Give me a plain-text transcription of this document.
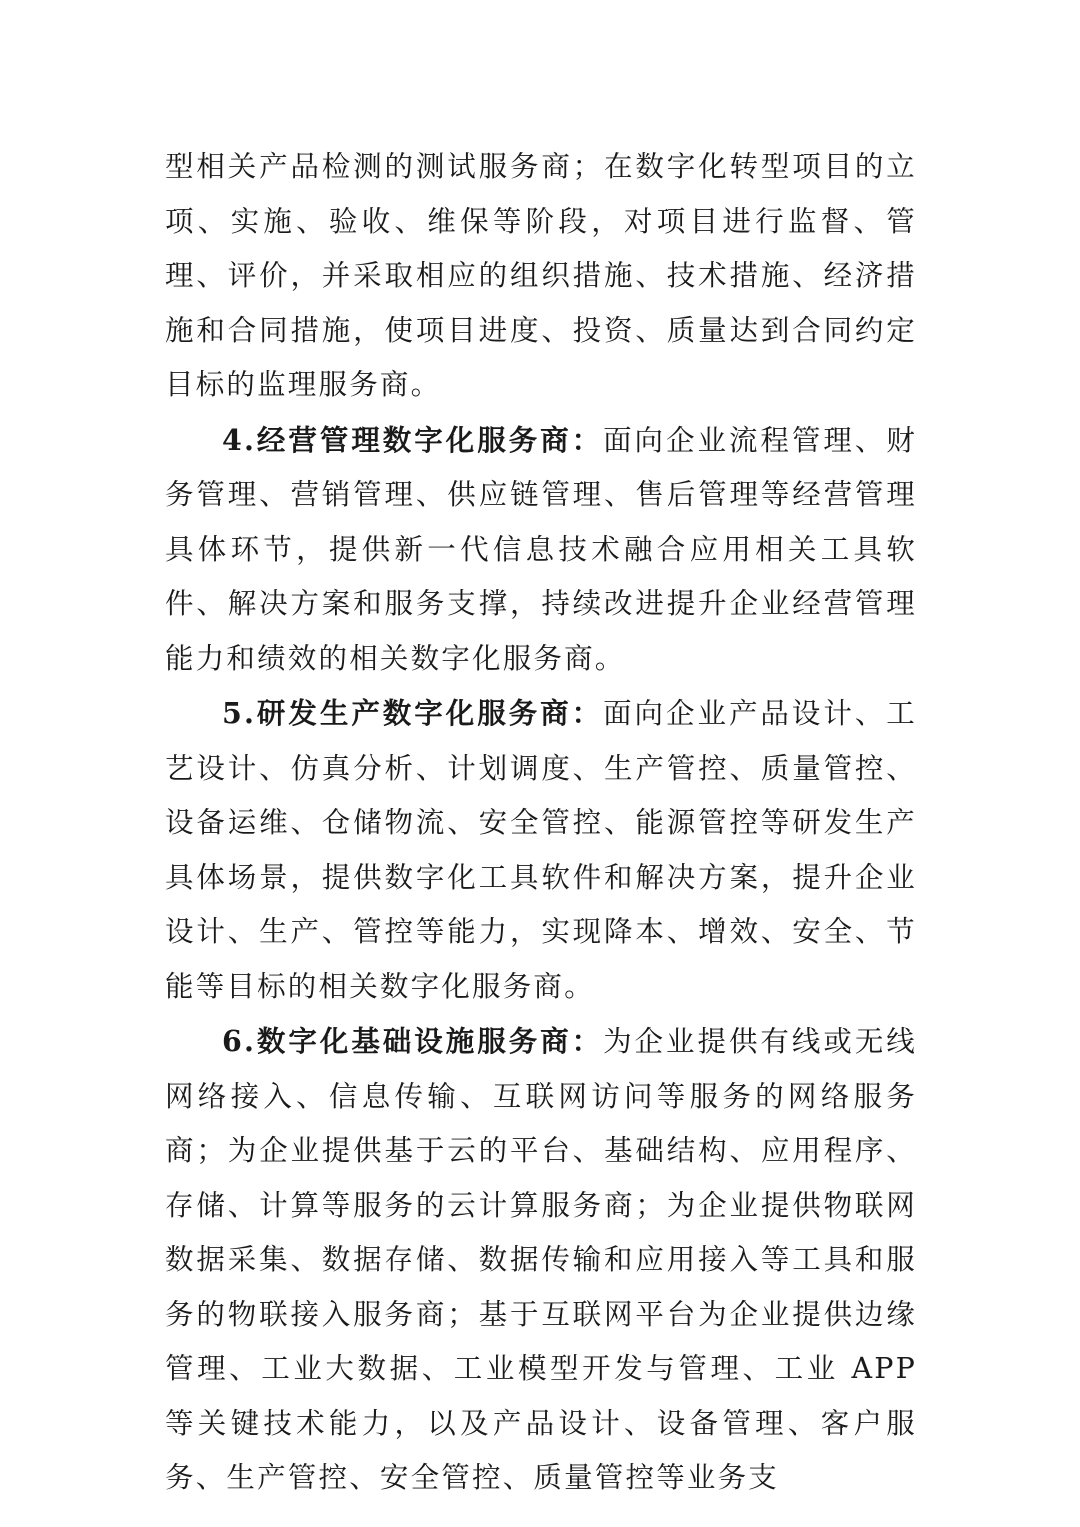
型相关产品检测的测试服务商；在数字化转型项目的立项、实施、验收、维保等阶段，对项目进行监督、管理、评价，并采取相应的组织措施、技术措施、经济措施和合同措施，使项目进度、投资、质量达到合同约定目标的监理服务商。

4.经营管理数字化服务商：面向企业流程管理、财务管理、营销管理、供应链管理、售后管理等经营管理具体环节，提供新一代信息技术融合应用相关工具软件、解决方案和服务支撑，持续改进提升企业经营管理能力和绩效的相关数字化服务商。

5.研发生产数字化服务商：面向企业产品设计、工艺设计、仿真分析、计划调度、生产管控、质量管控、设备运维、仓储物流、安全管控、能源管控等研发生产具体场景，提供数字化工具软件和解决方案，提升企业设计、生产、管控等能力，实现降本、增效、安全、节能等目标的相关数字化服务商。

6.数字化基础设施服务商：为企业提供有线或无线网络接入、信息传输、互联网访问等服务的网络服务商；为企业提供基于云的平台、基础结构、应用程序、存储、计算等服务的云计算服务商；为企业提供物联网数据采集、数据存储、数据传输和应用接入等工具和服务的物联接入服务商；基于互联网平台为企业提供边缘管理、工业大数据、工业模型开发与管理、工业 APP 等关键技术能力，以及产品设计、设备管理、客户服务、生产管控、安全管控、质量管控等业务支
